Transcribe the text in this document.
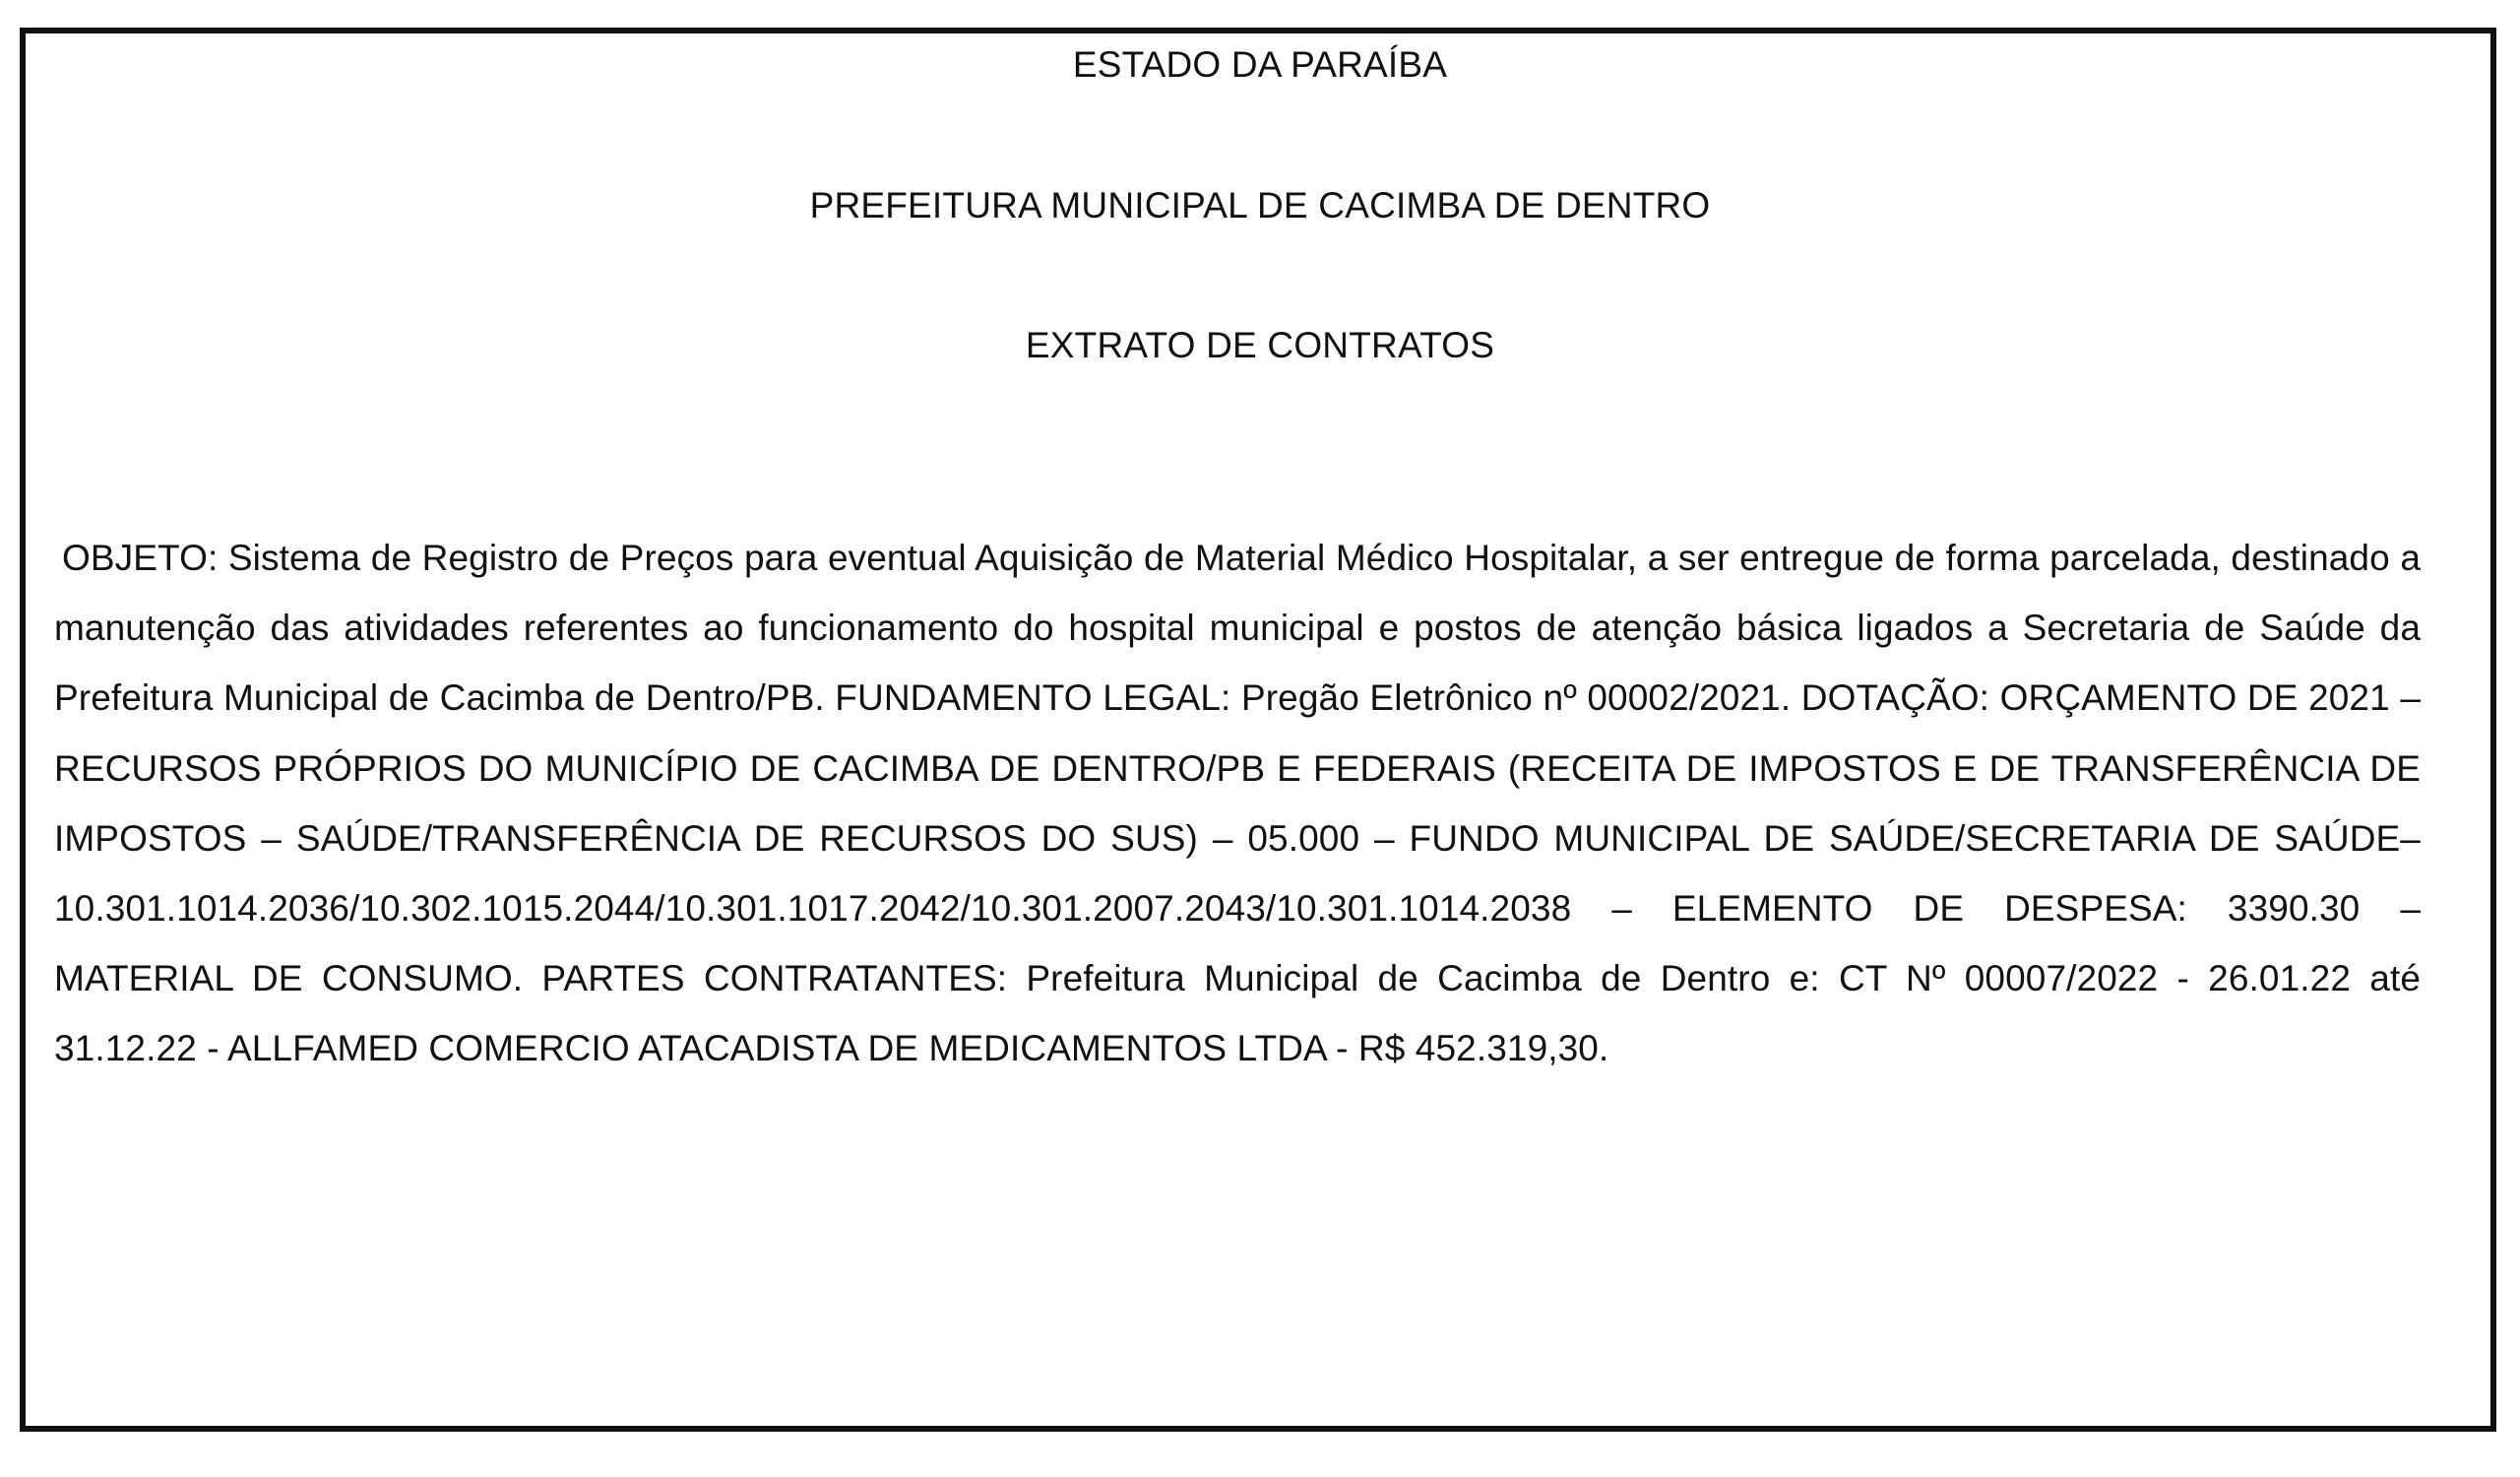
ESTADO DA PARAÍBA
PREFEITURA MUNICIPAL DE CACIMBA DE DENTRO
EXTRATO DE CONTRATOS

OBJETO: Sistema de Registro de Preços para eventual Aquisição de Material Médico Hospitalar, a ser entregue de forma parcelada, destinado a manutenção das atividades referentes ao funcionamento do hospital municipal e postos de atenção básica ligados a Secretaria de Saúde da Prefeitura Municipal de Cacimba de Dentro/PB. FUNDAMENTO LEGAL: Pregão Eletrônico nº 00002/2021. DOTAÇÃO: ORÇAMENTO DE 2021 – RECURSOS PRÓPRIOS DO MUNICÍPIO DE CACIMBA DE DENTRO/PB E FEDERAIS (RECEITA DE IMPOSTOS E DE TRANSFERÊNCIA DE IMPOSTOS – SAÚDE/TRANSFERÊNCIA DE RECURSOS DO SUS) – 05.000 – FUNDO MUNICIPAL DE SAÚDE/SECRETARIA DE SAÚDE– 10.301.1014.2036/10.302.1015.2044/10.301.1017.2042/10.301.2007.2043/10.301.1014.2038 – ELEMENTO DE DESPESA: 3390.30 – MATERIAL DE CONSUMO. PARTES CONTRATANTES: Prefeitura Municipal de Cacimba de Dentro e: CT Nº 00007/2022 - 26.01.22 até 31.12.22 - ALLFAMED COMERCIO ATACADISTA DE MEDICAMENTOS LTDA - R$ 452.319,30.
